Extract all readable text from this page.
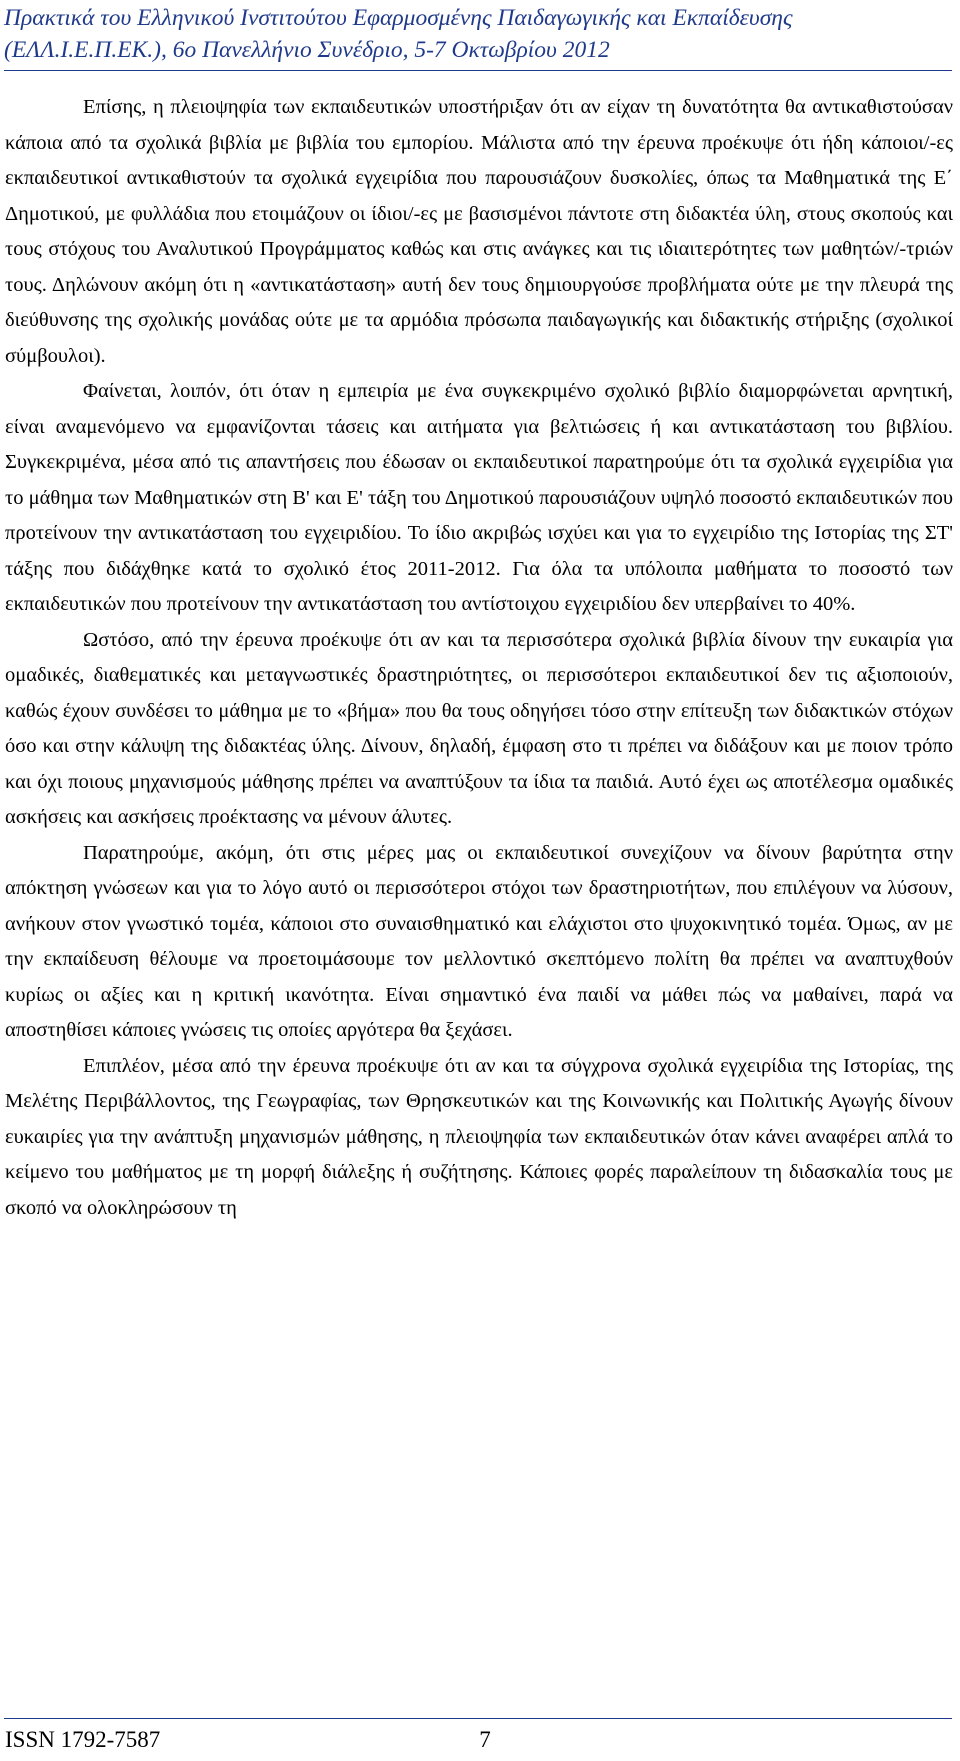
Πρακτικά του Ελληνικού Ινστιτούτου Εφαρμοσμένης Παιδαγωγικής και Εκπαίδευσης
(ΕΛΛ.Ι.Ε.Π.ΕΚ.), 6ο Πανελλήνιο Συνέδριο, 5-7 Οκτωβρίου 2012

Επίσης, η πλειοψηφία των εκπαιδευτικών υποστήριξαν ότι αν είχαν τη δυνατότητα θα αντικαθιστούσαν κάποια από τα σχολικά βιβλία με βιβλία του εμπορίου. Μάλιστα από την έρευνα προέκυψε ότι ήδη κάποιοι/-ες εκπαιδευτικοί αντικαθιστούν τα σχολικά εγχειρίδια που παρουσιάζουν δυσκολίες, όπως τα Μαθηματικά της Ε΄ Δημοτικού, με φυλλάδια που ετοιμάζουν οι ίδιοι/-ες με βασισμένοι πάντοτε στη διδακτέα ύλη, στους σκοπούς και τους στόχους του Αναλυτικού Προγράμματος καθώς και στις ανάγκες και τις ιδιαιτερότητες των μαθητών/-τριών τους. Δηλώνουν ακόμη ότι η «αντικατάσταση» αυτή δεν τους δημιουργούσε προβλήματα ούτε με την πλευρά της διεύθυνσης της σχολικής μονάδας ούτε με τα αρμόδια πρόσωπα παιδαγωγικής και διδακτικής στήριξης (σχολικοί σύμβουλοι).

Φαίνεται, λοιπόν, ότι όταν η εμπειρία με ένα συγκεκριμένο σχολικό βιβλίο διαμορφώνεται αρνητική, είναι αναμενόμενο να εμφανίζονται τάσεις και αιτήματα για βελτιώσεις ή και αντικατάσταση του βιβλίου. Συγκεκριμένα, μέσα από τις απαντήσεις που έδωσαν οι εκπαιδευτικοί παρατηρούμε ότι τα σχολικά εγχειρίδια για το μάθημα των Μαθηματικών στη Β' και Ε' τάξη του Δημοτικού παρουσιάζουν υψηλό ποσοστό εκπαιδευτικών που προτείνουν την αντικατάσταση του εγχειριδίου. Το ίδιο ακριβώς ισχύει και για το εγχειρίδιο της Ιστορίας της ΣΤ' τάξης που διδάχθηκε κατά το σχολικό έτος 2011-2012. Για όλα τα υπόλοιπα μαθήματα το ποσοστό των εκπαιδευτικών που προτείνουν την αντικατάσταση του αντίστοιχου εγχειριδίου δεν υπερβαίνει το 40%.

Ωστόσο, από την έρευνα προέκυψε ότι αν και τα περισσότερα σχολικά βιβλία δίνουν την ευκαιρία για ομαδικές, διαθεματικές και μεταγνωστικές δραστηριότητες, οι περισσότεροι εκπαιδευτικοί δεν τις αξιοποιούν, καθώς έχουν συνδέσει το μάθημα με το «βήμα» που θα τους οδηγήσει τόσο στην επίτευξη των διδακτικών στόχων όσο και στην κάλυψη της διδακτέας ύλης. Δίνουν, δηλαδή, έμφαση στο τι πρέπει να διδάξουν και με ποιον τρόπο και όχι ποιους μηχανισμούς μάθησης πρέπει να αναπτύξουν τα ίδια τα παιδιά. Αυτό έχει ως αποτέλεσμα ομαδικές ασκήσεις και ασκήσεις προέκτασης να μένουν άλυτες.

Παρατηρούμε, ακόμη, ότι στις μέρες μας οι εκπαιδευτικοί συνεχίζουν να δίνουν βαρύτητα στην απόκτηση γνώσεων και για το λόγο αυτό οι περισσότεροι στόχοι των δραστηριοτήτων, που επιλέγουν να λύσουν, ανήκουν στον γνωστικό τομέα, κάποιοι στο συναισθηματικό και ελάχιστοι στο ψυχοκινητικό τομέα. Όμως, αν με την εκπαίδευση θέλουμε να προετοιμάσουμε τον μελλοντικό σκεπτόμενο πολίτη θα πρέπει να αναπτυχθούν κυρίως οι αξίες και η κριτική ικανότητα. Είναι σημαντικό ένα παιδί να μάθει πώς να μαθαίνει, παρά να αποστηθίσει κάποιες γνώσεις τις οποίες αργότερα θα ξεχάσει.

Επιπλέον, μέσα από την έρευνα προέκυψε ότι αν και τα σύγχρονα σχολικά εγχειρίδια της Ιστορίας, της Μελέτης Περιβάλλοντος, της Γεωγραφίας, των Θρησκευτικών και της Κοινωνικής και Πολιτικής Αγωγής δίνουν ευκαιρίες για την ανάπτυξη μηχανισμών μάθησης, η πλειοψηφία των εκπαιδευτικών όταν κάνει αναφέρει απλά το κείμενο του μαθήματος με τη μορφή διάλεξης ή συζήτησης. Κάποιες φορές παραλείπουν τη διδασκαλία τους με σκοπό να ολοκληρώσουν τη

7
ISSN 1792-7587
